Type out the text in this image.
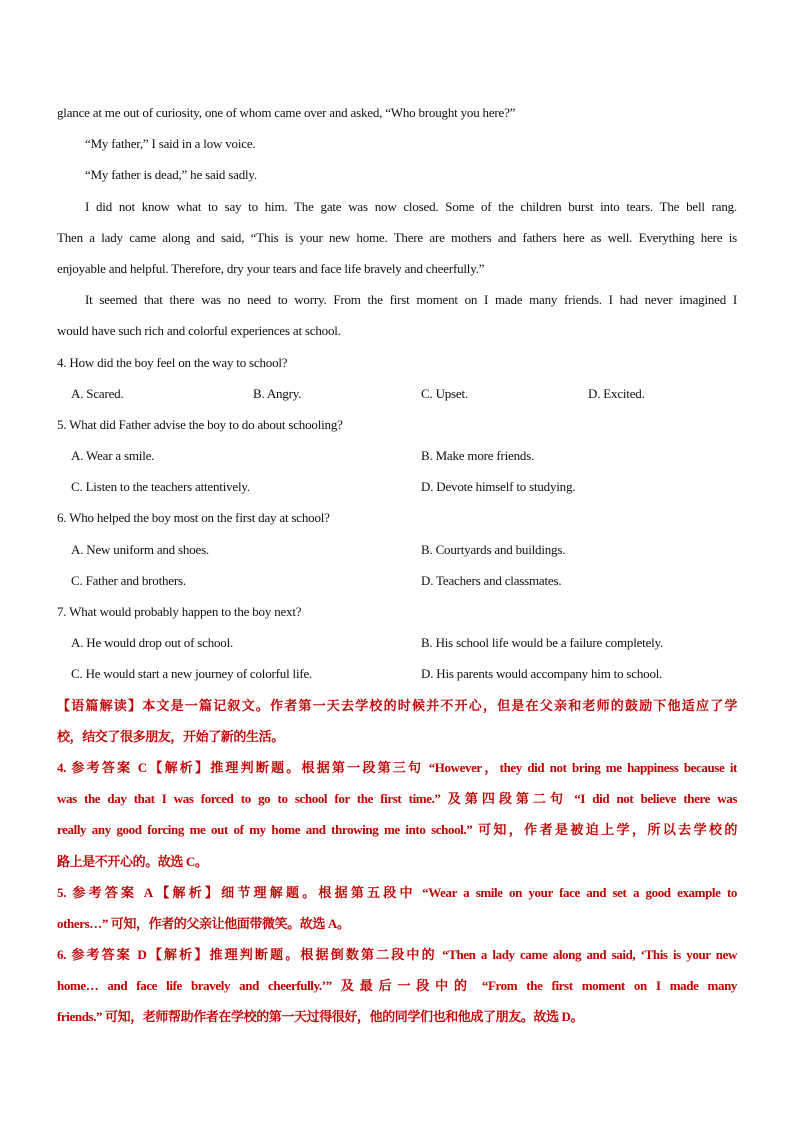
glance at me out of curiosity, one of whom came over and asked, “Who brought you here?”
“My father,” I said in a low voice.
“My father is dead,” he said sadly.
I did not know what to say to him. The gate was now closed. Some of the children burst into tears. The bell rang.
Then a lady came along and said, “This is your new home. There are mothers and fathers here as well. Everything here is
enjoyable and helpful. Therefore, dry your tears and face life bravely and cheerfully.”
It seemed that there was no need to worry. From the first moment on I made many friends. I had never imagined I
would have such rich and colorful experiences at school.
4. How did the boy feel on the way to school?
A. Scared.	B. Angry.	C. Upset.	D. Excited.
5. What did Father advise the boy to do about schooling?
A. Wear a smile.	B. Make more friends.
C. Listen to the teachers attentively.	D. Devote himself to studying.
6. Who helped the boy most on the first day at school?
A. New uniform and shoes.	B. Courtyards and buildings.
C. Father and brothers.	D. Teachers and classmates.
7. What would probably happen to the boy next?
A. He would drop out of school.	B. His school life would be a failure completely.
C. He would start a new journey of colorful life.	D. His parents would accompany him to school.
【语篇解读】本文是一篇记叙文。作者第一天去学校的时候并不开心，但是在父亲和老师的鼓励下他适应了学
校，结交了很多朋友，开始了新的生活。
4. 参考答案 C【解析】推理判断题。根据第一段第三句 “However，they did not bring me happiness because it
was the day that I was forced to go to school for the first time.” 及第四段第二句 “I did not believe there was
really any good forcing me out of my home and throwing me into school.” 可知，作者是被迫上学，所以去学校的
路上是不开心的。故选 C。
5. 参考答案 A【解析】细节理解题。根据第五段中 “Wear a smile on your face and set a good example to
others…” 可知，作者的父亲让他面带微笑。故选 A。
6. 参考答案 D【解析】推理判断题。根据倒数第二段中的 “Then a lady came along and said, ‘This is your new
home… and face life bravely and cheerfully.’” 及最后一段中的 “From the first moment on I made many
friends.” 可知，老师帮助作者在学校的第一天过得很好，他的同学们也和他成了朋友。故选 D。
